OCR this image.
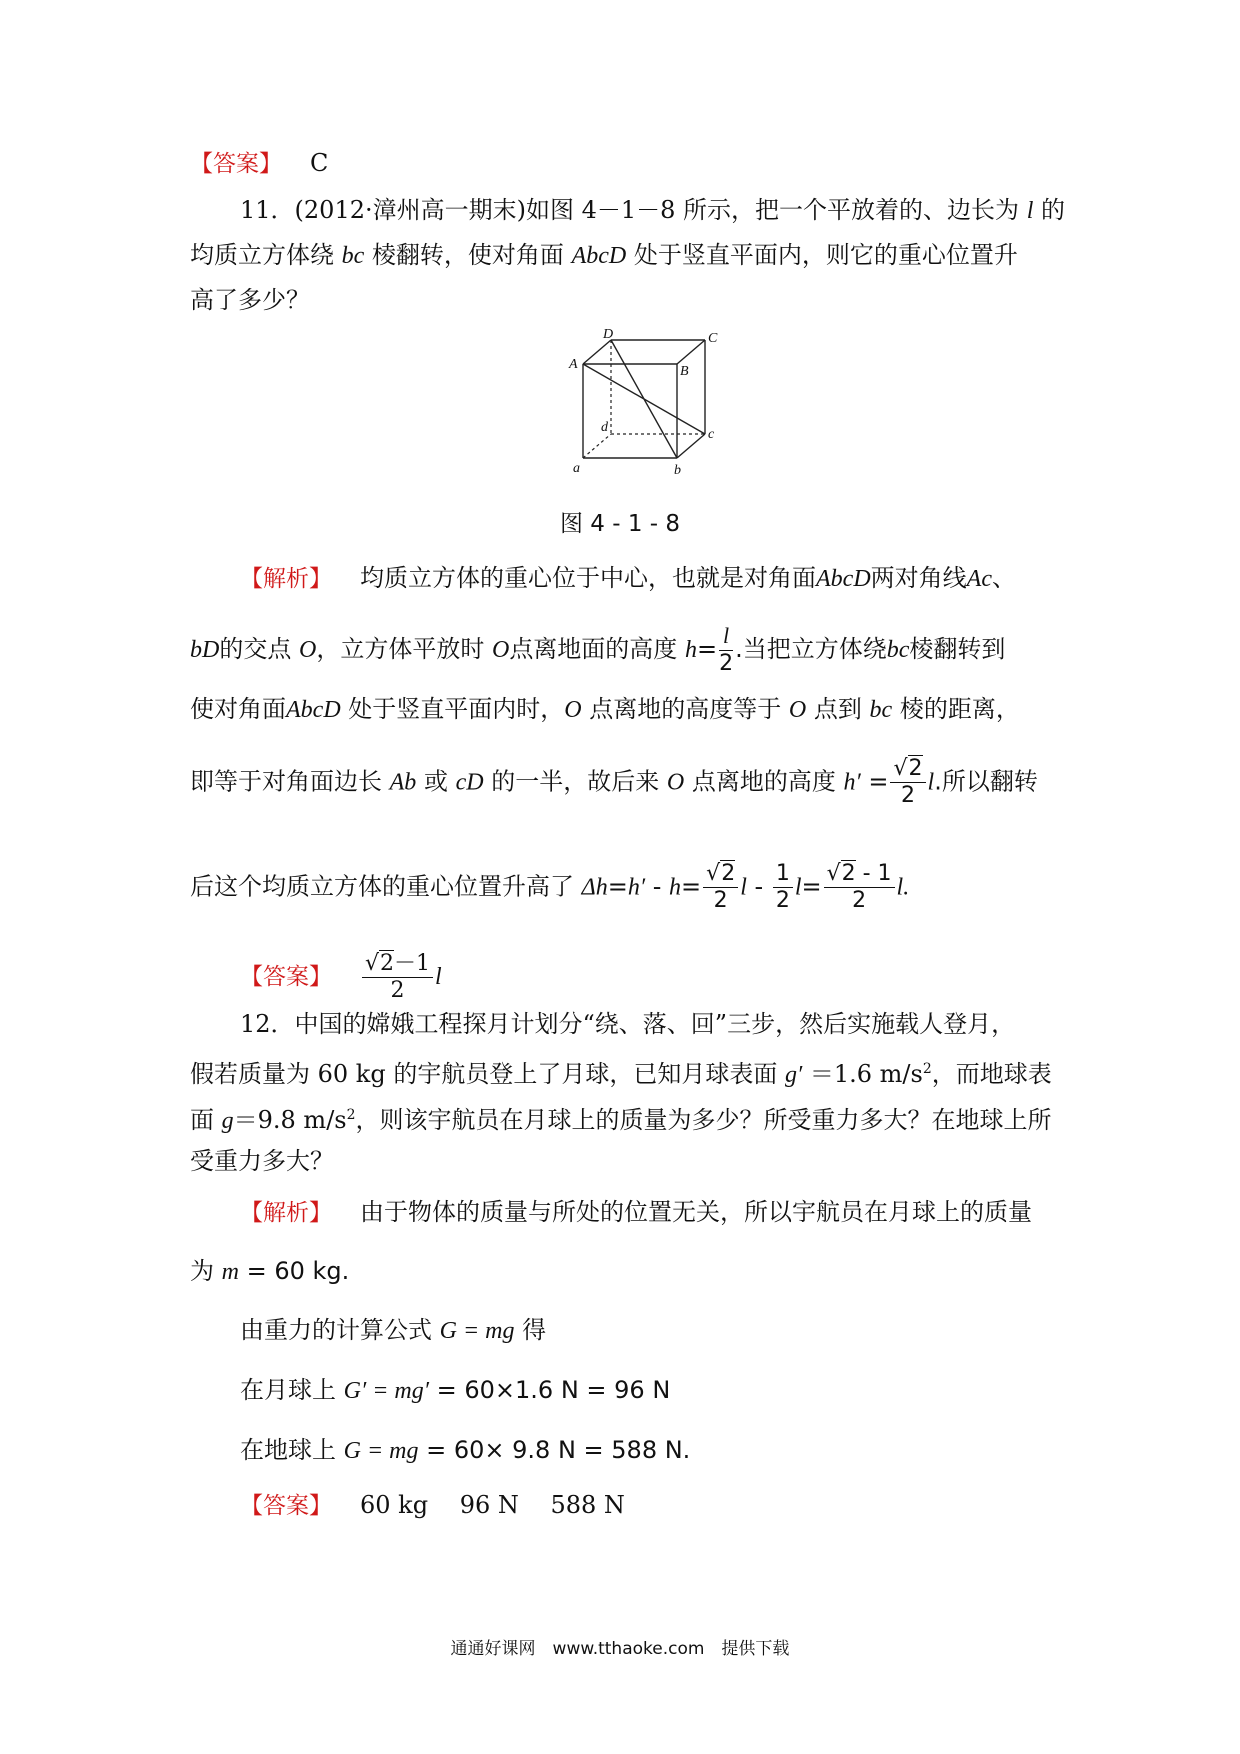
【答案】 C
11．(2012·漳州高一期末)如图 4－1－8 所示，把一个平放着的、边长为 l 的
均质立方体绕 bc 棱翻转，使对角面 AbcD 处于竖直平面内，则它的重心位置升
高了多少？
D	C
A	B
d	c
a	b
图 4 - 1 - 8
【解析】 均质立方体的重心位于中心，也就是对角面AbcD两对角线Ac、
bD的交点 O，立方体平放时 O点离地面的高度 $h= \frac{l}{2}$ .当把立方体绕bc棱翻转到
使对角面AbcD 处于竖直平面内时，O 点离地的高度等于 O 点到 bc 棱的距离，
即等于对角面边长 Ab 或 cD 的一半，故后来 O 点离地的高度 $h' = \frac{√2}{2} l$.所以翻转
后这个均质立方体的重心位置升高了 $\Delta h=h' - h= \frac{√2}{2}$ $l - \frac{1}{2} l= \frac{√2 - 1}{2} l$.
【答案】 $\frac{√2-1}{2}$ l
12．中国的嫦娥工程探月计划分“绕、落、回”三步，然后实施载人登月，
假若质量为 60 kg 的宇航员登上了月球，已知月球表面 g′ ＝1.6 $m/s^2$，而地球表
面 g＝9.8 $m/s^2$，则该宇航员在月球上的质量为多少？所受重力多大？在地球上所
受重力多大？
【解析】 由于物体的质量与所处的位置无关，所以宇航员在月球上的质量
为 m = 60 kg.
由重力的计算公式 G = mg 得
在月球上 G′ = mg′ = 60×1.6 N = 96 N
在地球上 G = mg = 60× 9.8 N = 588 N.
【答案】 60 kg　 96 N　 588 N
通通好课网　www.tthaoke.com　提供下载
